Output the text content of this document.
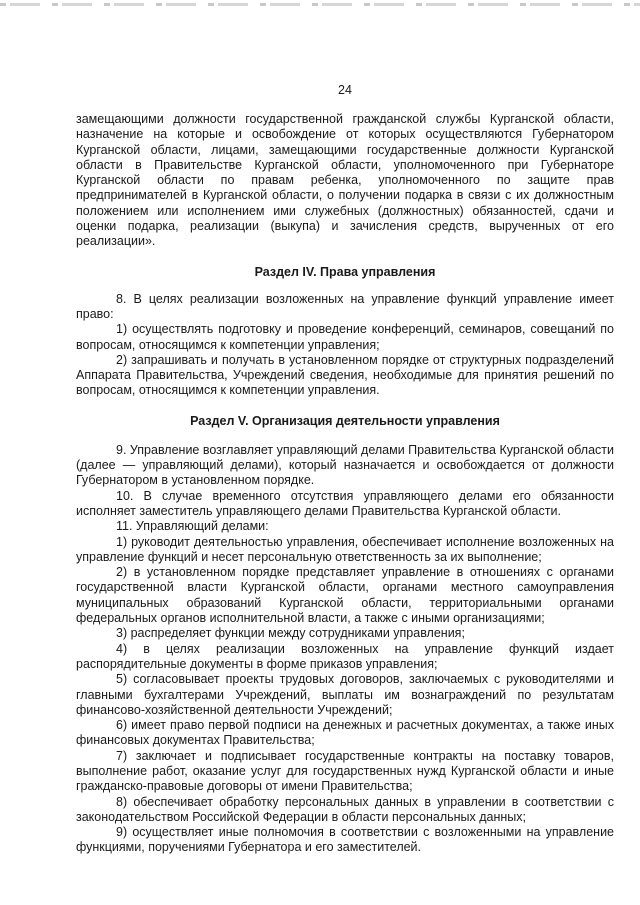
24

замещающими должности государственной гражданской службы Курганской области, назначение на которые и освобождение от которых осуществляются Губернатором Курганской области, лицами, замещающими государственные должности Курганской области в Правительстве Курганской области, уполномоченного при Губернаторе Курганской области по правам ребенка, уполномоченного по защите прав предпринимателей в Курганской области, о получении подарка в связи с их должностным положением или исполнением ими служебных (должностных) обязанностей, сдачи и оценки подарка, реализации (выкупа) и зачисления средств, вырученных от его реализации».

Раздел IV. Права управления

8. В целях реализации возложенных на управление функций управление имеет право:

1) осуществлять подготовку и проведение конференций, семинаров, совещаний по вопросам, относящимся к компетенции управления;

2) запрашивать и получать в установленном порядке от структурных подразделений Аппарата Правительства, Учреждений сведения, необходимые для принятия решений по вопросам, относящимся к компетенции управления.

Раздел V. Организация деятельности управления

9. Управление возглавляет управляющий делами Правительства Курганской области (далее — управляющий делами), который назначается и освобождается от должности Губернатором в установленном порядке.

10. В случае временного отсутствия управляющего делами его обязанности исполняет заместитель управляющего делами Правительства Курганской области.

11. Управляющий делами:

1) руководит деятельностью управления, обеспечивает исполнение возложенных на управление функций и несет персональную ответственность за их выполнение;

2) в установленном порядке представляет управление в отношениях с органами государственной власти Курганской области, органами местного самоуправления муниципальных образований Курганской области, территориальными органами федеральных органов исполнительной власти, а также с иными организациями;

3) распределяет функции между сотрудниками управления;

4) в целях реализации возложенных на управление функций издает распорядительные документы в форме приказов управления;

5) согласовывает проекты трудовых договоров, заключаемых с руководителями и главными бухгалтерами Учреждений, выплаты им вознаграждений по результатам финансово-хозяйственной деятельности Учреждений;

6) имеет право первой подписи на денежных и расчетных документах, а также иных финансовых документах Правительства;

7) заключает и подписывает государственные контракты на поставку товаров, выполнение работ, оказание услуг для государственных нужд Курганской области и иные гражданско-правовые договоры от имени Правительства;

8) обеспечивает обработку персональных данных в управлении в соответствии с законодательством Российской Федерации в области персональных данных;

9) осуществляет иные полномочия в соответствии с возложенными на управление функциями, поручениями Губернатора и его заместителей.
